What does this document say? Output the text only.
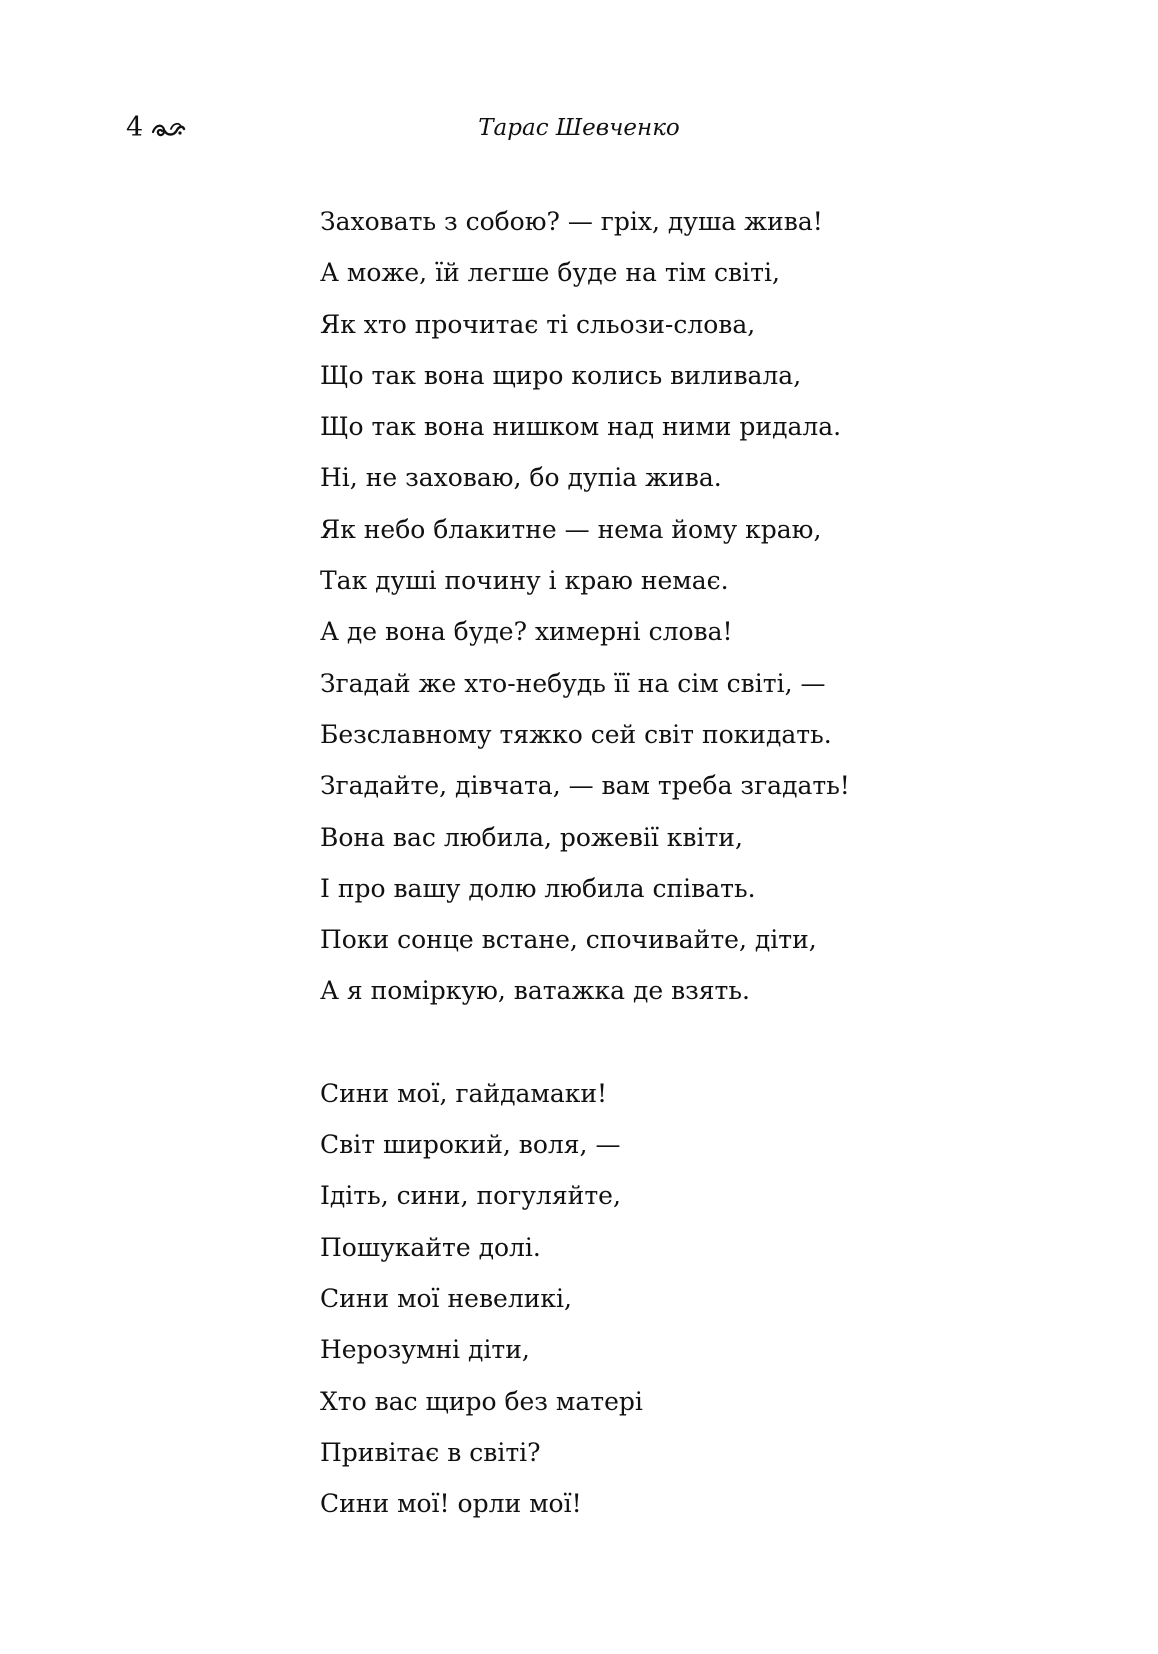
4	Тарас Шевченко
Заховать з собою? — гріх, душа жива!
А може, їй легше буде на тім світі,
Як хто прочитає ті сльози-слова,
Що так вона щиро колись виливала,
Що так вона нишком над ними ридала.
Ні, не заховаю, бо дупіа жива.
Як небо блакитне — нема йому краю,
Так душі почину і краю немає.
А де вона буде? химерні слова!
Згадай же хто-небудь її на сім світі, —
Безславному тяжко сей світ покидать.
Згадайте, дівчата, — вам треба згадать!
Вона вас любила, рожевії квіти,
І про вашу долю любила співать.
Поки сонце встане, спочивайте, діти,
А я поміркую, ватажка де взять.
Сини мої, гайдамаки!
Світ широкий, воля, —
Ідіть, сини, погуляйте,
Пошукайте долі.
Сини мої невеликі,
Нерозумні діти,
Хто вас щиро без матері
Привітає в світі?
Сини мої! орли мої!
